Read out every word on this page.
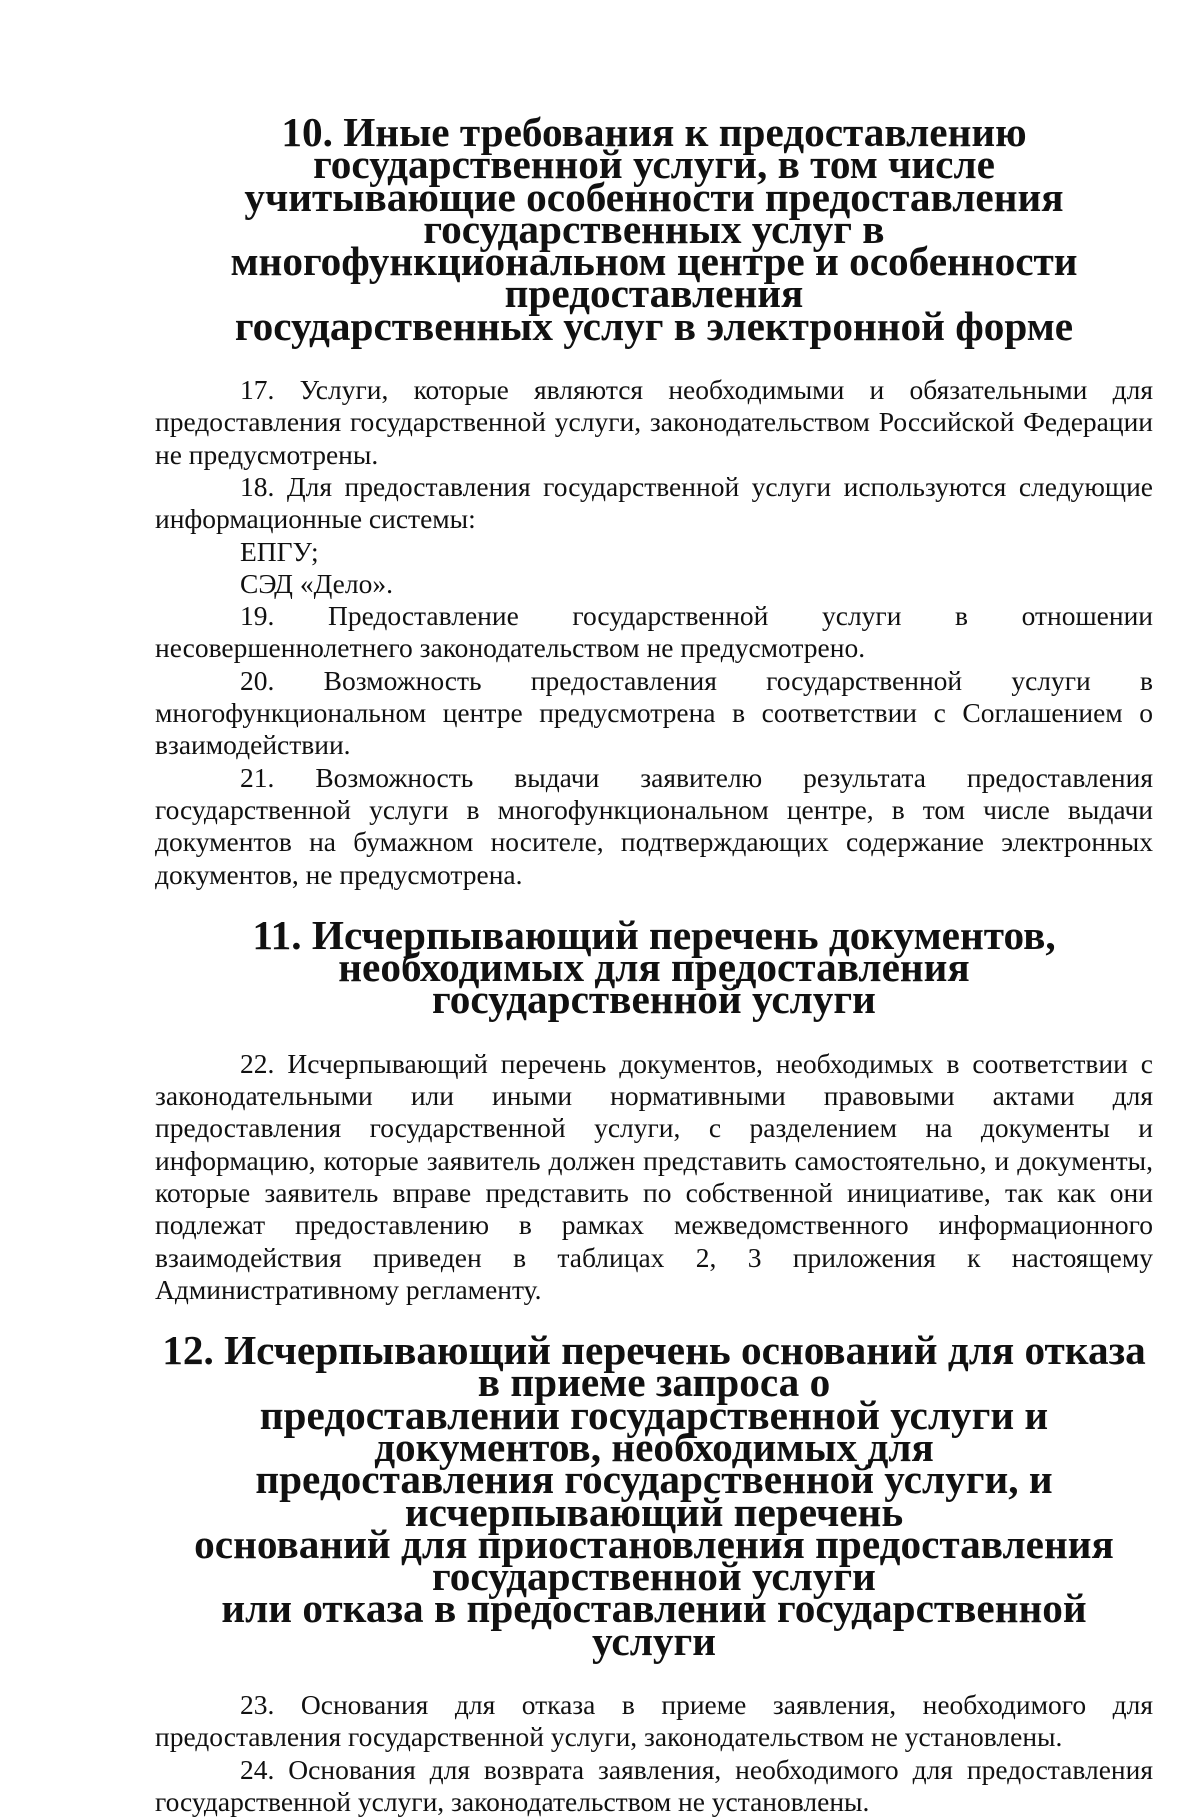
10. Иные требования к предоставлению государственной услуги, в том числе
учитывающие особенности предоставления государственных услуг в
многофункциональном центре и особенности предоставления
государственных услуг в электронной форме

17. Услуги, которые являются необходимыми и обязательными для предоставления государственной услуги, законодательством Российской Федерации не предусмотрены.

18. Для предоставления государственной услуги используются следующие информационные системы:

ЕПГУ;

СЭД «Дело».

19. Предоставление государственной услуги в отношении несовершеннолетнего законодательством не предусмотрено.

20. Возможность предоставления государственной услуги в многофункциональном центре предусмотрена в соответствии с Соглашением о взаимодействии.

21. Возможность выдачи заявителю результата предоставления государственной услуги в многофункциональном центре, в том числе выдачи документов на бумажном носителе, подтверждающих содержание электронных документов, не предусмотрена.

11. Исчерпывающий перечень документов, необходимых для предоставления
государственной услуги

22. Исчерпывающий перечень документов, необходимых в соответствии с законодательными или иными нормативными правовыми актами для предоставления государственной услуги, с разделением на документы и информацию, которые заявитель должен представить самостоятельно, и документы, которые заявитель вправе представить по собственной инициативе, так как они подлежат предоставлению в рамках межведомственного информационного взаимодействия приведен в таблицах 2, 3 приложения к настоящему Административному регламенту.

12. Исчерпывающий перечень оснований для отказа в приеме запроса о
предоставлении государственной услуги и документов, необходимых для
предоставления государственной услуги, и исчерпывающий перечень
оснований для приостановления предоставления государственной услуги
или отказа в предоставлении государственной услуги

23. Основания для отказа в приеме заявления, необходимого для предоставления государственной услуги, законодательством не установлены.

24. Основания для возврата заявления, необходимого для предоставления государственной услуги, законодательством не установлены.
